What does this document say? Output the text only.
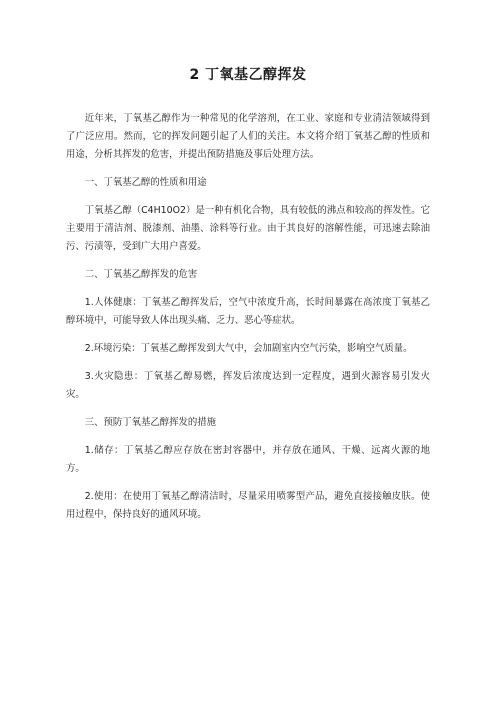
2 丁氧基乙醇挥发

近年来，丁氧基乙醇作为一种常见的化学溶剂，在工业、家庭和专业清洁领域得到了广泛应用。然而，它的挥发问题引起了人们的关注。本文将介绍丁氧基乙醇的性质和用途，分析其挥发的危害，并提出预防措施及事后处理方法。

一、丁氧基乙醇的性质和用途

丁氧基乙醇（C4H10O2）是一种有机化合物，具有较低的沸点和较高的挥发性。它主要用于清洁剂、脱漆剂、油墨、涂料等行业。由于其良好的溶解性能，可迅速去除油污、污渍等，受到广大用户喜爱。

二、丁氧基乙醇挥发的危害

1.人体健康：丁氧基乙醇挥发后，空气中浓度升高，长时间暴露在高浓度丁氧基乙醇环境中，可能导致人体出现头痛、乏力、恶心等症状。

2.环境污染：丁氧基乙醇挥发到大气中，会加剧室内空气污染，影响空气质量。

3.火灾隐患：丁氧基乙醇易燃，挥发后浓度达到一定程度，遇到火源容易引发火灾。

三、预防丁氧基乙醇挥发的措施

1.储存：丁氧基乙醇应存放在密封容器中，并存放在通风、干燥、远离火源的地方。

2.使用：在使用丁氧基乙醇清洁时，尽量采用喷雾型产品，避免直接接触皮肤。使用过程中，保持良好的通风环境。
